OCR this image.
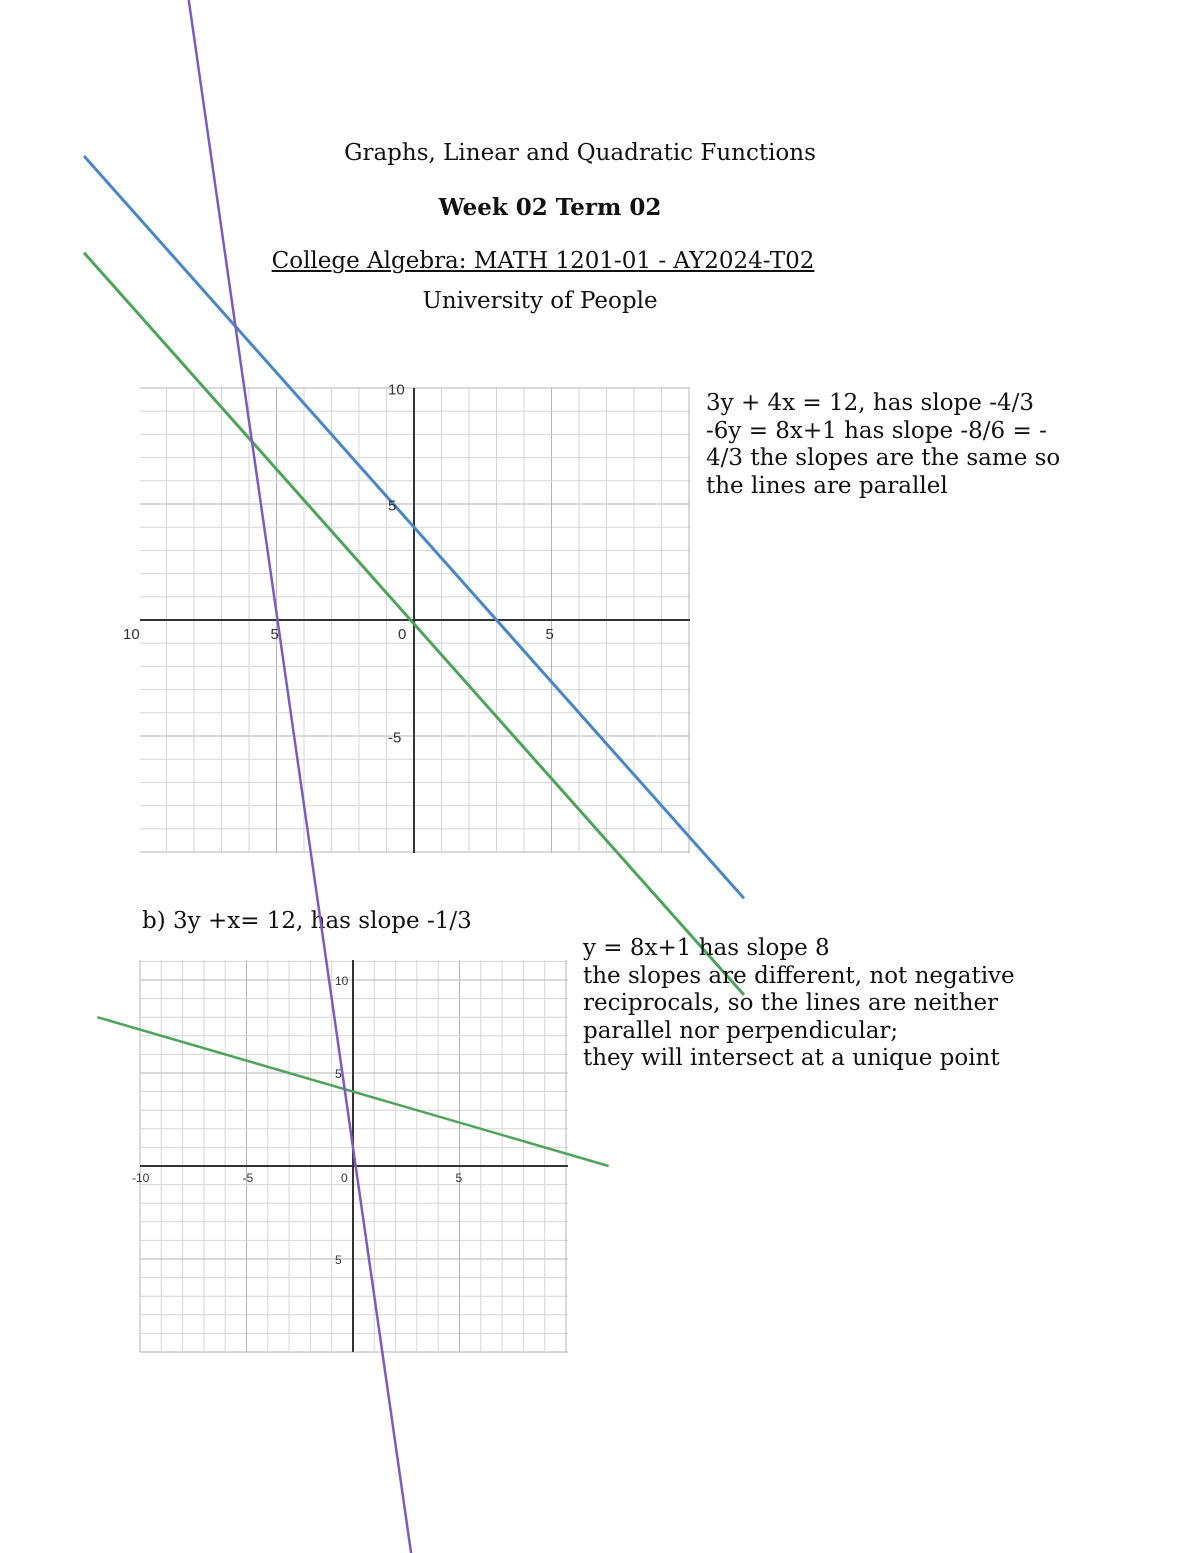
Graphs, Linear and Quadratic Functions
Week 02 Term 02
College Algebra: MATH 1201-01 - AY2024-T02
University of People
10	5	0	5
10
5
-5
3y + 4x = 12, has slope -4/3
-6y = 8x+1 has slope -8/6 = -
4/3 the slopes are the same so
the lines are parallel
b) 3y +x= 12, has slope -1/3
-10	-5	0	5
10
5
5
y = 8x+1 has slope 8
the slopes are different, not negative
reciprocals, so the lines are neither
parallel nor perpendicular;
they will intersect at a unique point
